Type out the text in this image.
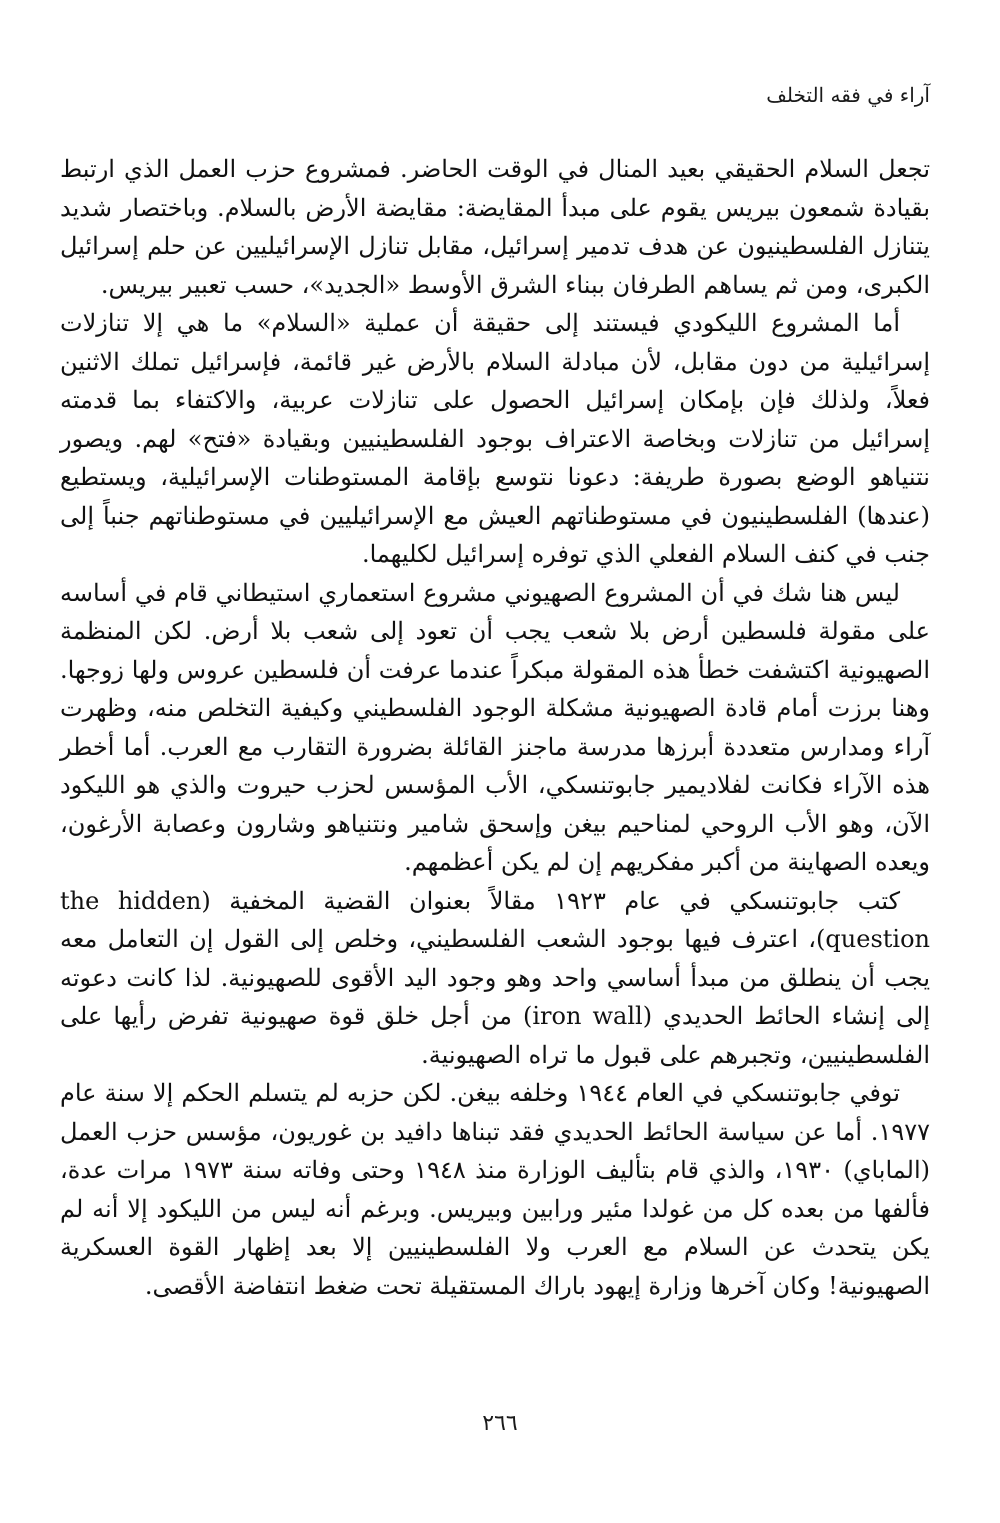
آراء في فقه التخلف

تجعل السلام الحقيقي بعيد المنال في الوقت الحاضر. فمشروع حزب العمل الذي ارتبط بقيادة شمعون بيريس يقوم على مبدأ المقايضة: مقايضة الأرض بالسلام. وباختصار شديد يتنازل الفلسطينيون عن هدف تدمير إسرائيل، مقابل تنازل الإسرائيليين عن حلم إسرائيل الكبرى، ومن ثم يساهم الطرفان ببناء الشرق الأوسط «الجديد»، حسب تعبير بيريس.

أما المشروع الليكودي فيستند إلى حقيقة أن عملية «السلام» ما هي إلا تنازلات إسرائيلية من دون مقابل، لأن مبادلة السلام بالأرض غير قائمة، فإسرائيل تملك الاثنين فعلاً، ولذلك فإن بإمكان إسرائيل الحصول على تنازلات عربية، والاكتفاء بما قدمته إسرائيل من تنازلات وبخاصة الاعتراف بوجود الفلسطينيين وبقيادة «فتح» لهم. ويصور نتنياهو الوضع بصورة طريفة: دعونا نتوسع بإقامة المستوطنات الإسرائيلية، ويستطيع (عندها) الفلسطينيون في مستوطناتهم العيش مع الإسرائيليين في مستوطناتهم جنباً إلى جنب في كنف السلام الفعلي الذي توفره إسرائيل لكليهما.

ليس هنا شك في أن المشروع الصهيوني مشروع استعماري استيطاني قام في أساسه على مقولة فلسطين أرض بلا شعب يجب أن تعود إلى شعب بلا أرض. لكن المنظمة الصهيونية اكتشفت خطأ هذه المقولة مبكراً عندما عرفت أن فلسطين عروس ولها زوجها. وهنا برزت أمام قادة الصهيونية مشكلة الوجود الفلسطيني وكيفية التخلص منه، وظهرت آراء ومدارس متعددة أبرزها مدرسة ماجنز القائلة بضرورة التقارب مع العرب. أما أخطر هذه الآراء فكانت لفلاديمير جابوتنسكي، الأب المؤسس لحزب حيروت والذي هو الليكود الآن، وهو الأب الروحي لمناحيم بيغن وإسحق شامير ونتنياهو وشارون وعصابة الأرغون، ويعده الصهاينة من أكبر مفكريهم إن لم يكن أعظمهم.

كتب جابوتنسكي في عام ١٩٢٣ مقالاً بعنوان القضية المخفية (the hidden question)، اعترف فيها بوجود الشعب الفلسطيني، وخلص إلى القول إن التعامل معه يجب أن ينطلق من مبدأ أساسي واحد وهو وجود اليد الأقوى للصهيونية. لذا كانت دعوته إلى إنشاء الحائط الحديدي (iron wall) من أجل خلق قوة صهيونية تفرض رأيها على الفلسطينيين، وتجبرهم على قبول ما تراه الصهيونية.

توفي جابوتنسكي في العام ١٩٤٤ وخلفه بيغن. لكن حزبه لم يتسلم الحكم إلا سنة عام ١٩٧٧. أما عن سياسة الحائط الحديدي فقد تبناها دافيد بن غوريون، مؤسس حزب العمل (الماباي) ١٩٣٠، والذي قام بتأليف الوزارة منذ ١٩٤٨ وحتى وفاته سنة ١٩٧٣ مرات عدة، فألفها من بعده كل من غولدا مئير ورابين وبيريس. وبرغم أنه ليس من الليكود إلا أنه لم يكن يتحدث عن السلام مع العرب ولا الفلسطينيين إلا بعد إظهار القوة العسكرية الصهيونية! وكان آخرها وزارة إيهود باراك المستقيلة تحت ضغط انتفاضة الأقصى.

٢٦٦
